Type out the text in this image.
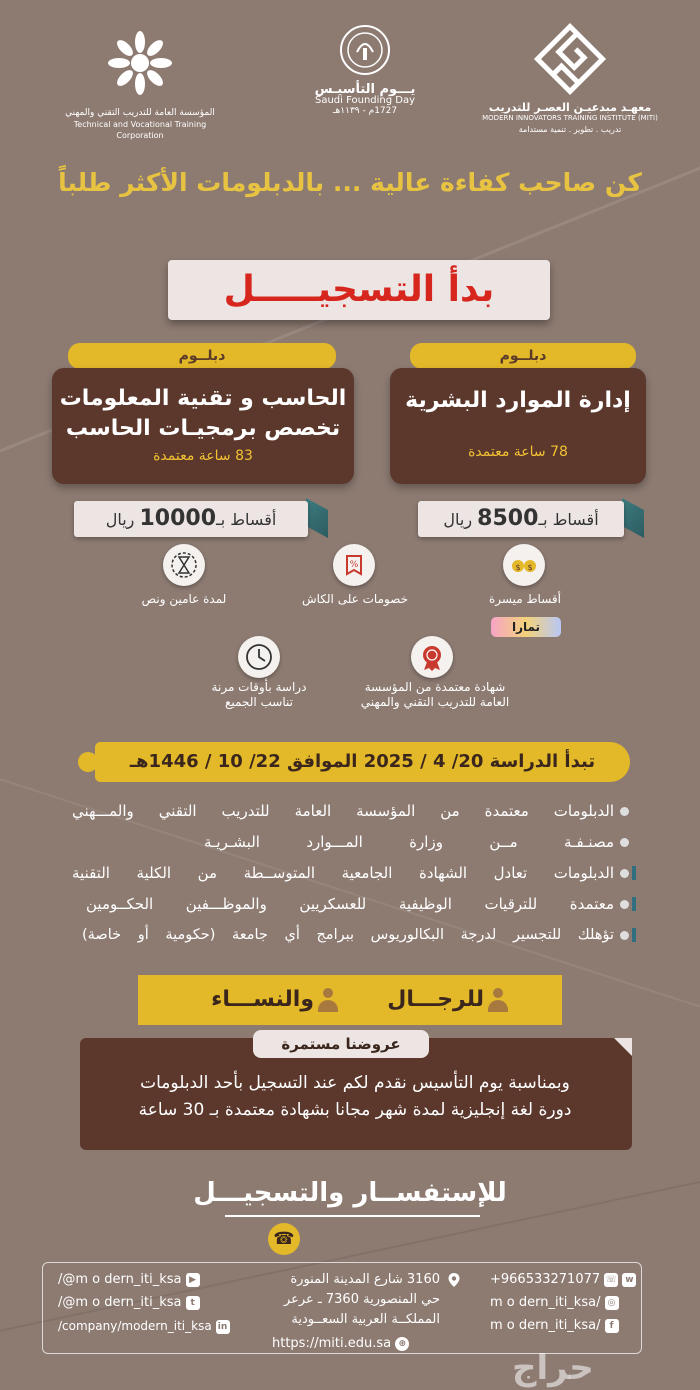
المؤسسة العامة للتدريب التقني والمهني
Technical and Vocational Training Corporation
يـــوم التأسيـس
Saudi Founding Day
1727م - ١١٣٩هـ	معهـد مبدعيـن العصـر للتدريب
MODERN INNOVATORS TRAINING INSTITUTE (MITI)
تدريب . تطوير . تنمية مستدامة
كن صاحب كفاءة عالية ... بالدبلومات الأكثر طلباً
بدأ التسجيـــــل
دبلــوم
إدارة الموارد البشرية
78 ساعة معتمدة
دبلــوم
الحاسب و تقنية المعلومات
تخصص برمجيـات الحاسب
83 ساعة معتمدة
أقساط بـ8500 ريال
أقساط بـ10000 ريال
$ $
أقساط ميسرة
تمارا
%
خصومات على الكاش
لمدة عامين ونص
شهادة معتمدة من المؤسسة
العامة للتدريب التقني والمهني
دراسة بأوقات مرنة
تناسب الجميع
تبدأ الدراسة 20/ 4 / 2025 الموافق 22/ 10 / 1446هـ
الدبلومات معتمدة من المؤسسة العامة للتدريب التقني والمـــهني
مصنـفـة مــن وزارة المـــوارد البشـريـة
الدبلومات تعادل الشهادة الجامعية المتوســطة من الكلية التقنية
معتمدة للترقيات الوظيفية للعسكريين والموظـــفين الحكــومين
تؤهلك للتجسير لدرجة البكالوريوس ببرامج أي جامعة (حكومية أو خاصة)
للرجـــال
والنســـاء
عروضنا مستمرة
وبمناسبة يوم التأسيس نقدم لكم عند التسجيل بأحد الدبلومات
دورة لغة إنجليزية لمدة شهر مجانا بشهادة معتمدة بـ 30 ساعة
للإستفســار والتسجيـــل
☎
+966533271077 ☏ w
m o dern_iti_ksa/ ◎
m o dern_iti_ksa/ f
3160 شارع المدينة المنورة
حي المنصورية 7360 ـ عرعر
المملكــة العربية السعــودية
https://miti.edu.sa ⊕
/@m o dern_iti_ksa ▶
/@m o dern_iti_ksa t
/company/modern_iti_ksa in
حراج
